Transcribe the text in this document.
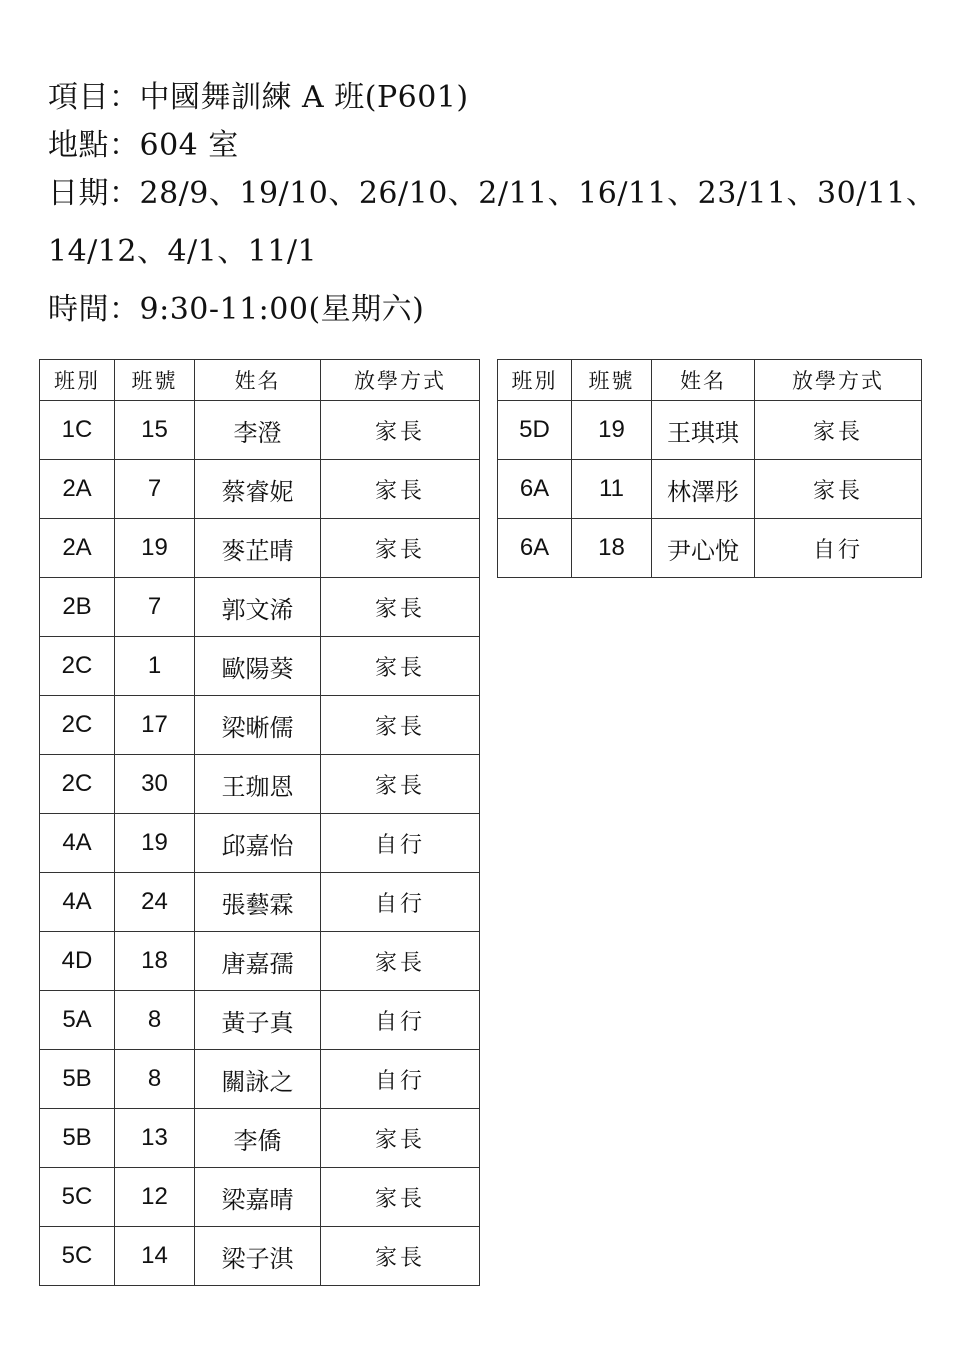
項目：中國舞訓練 A 班(P601)
地點：604 室
日期：28/9、19/10、26/10、2/11、16/11、23/11、30/11、
14/12、4/1、11/1
時間：9:30-11:00(星期六)
班別	班號	姓名	放學方式
1C	15	李澄	家長
2A	7	蔡睿妮	家長
2A	19	麥芷晴	家長
2B	7	郭文浠	家長
2C	1	歐陽葵	家長
2C	17	梁晰儒	家長
2C	30	王珈恩	家長
4A	19	邱嘉怡	自行
4A	24	張藝霖	自行
4D	18	唐嘉孺	家長
5A	8	黃子真	自行
5B	8	關詠之	自行
5B	13	李僑	家長
5C	12	梁嘉晴	家長
5C	14	梁子淇	家長
班別	班號	姓名	放學方式
5D	19	王琪琪	家長
6A	11	林澤彤	家長
6A	18	尹心悅	自行
